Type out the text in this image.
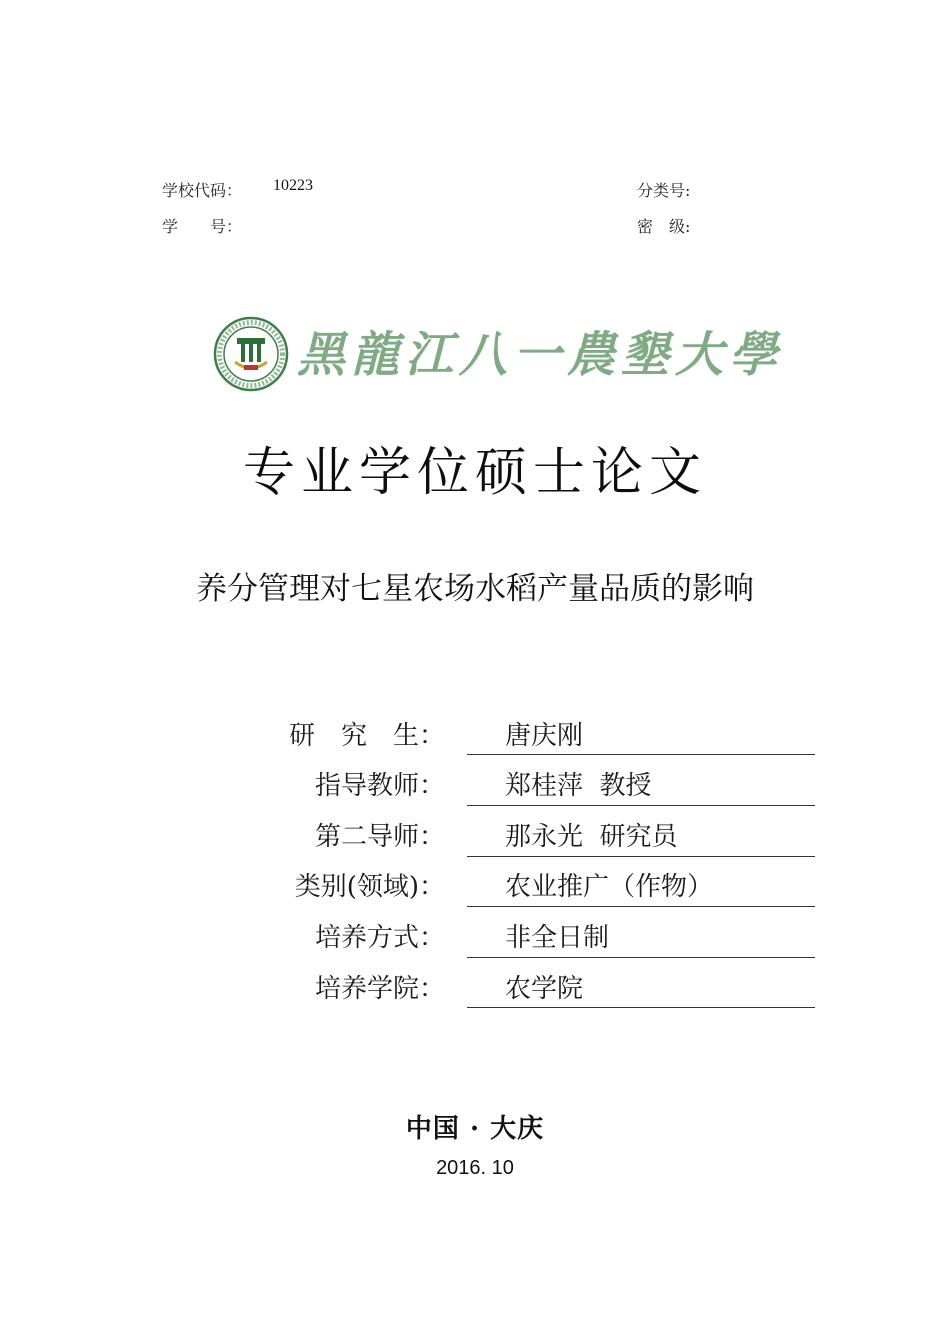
学校代码： 10223
学　　号：
分类号:
密　级:
黑龍江八一農墾大學
专业学位硕士论文
养分管理对七星农场水稻产量品质的影响
研　究　生： 唐庆刚
指导教师： 郑桂萍  教授
第二导师： 那永光  研究员
类别(领域)： 农业推广（作物）
培养方式： 非全日制
培养学院： 农学院
中国 · 大庆
2016. 10
